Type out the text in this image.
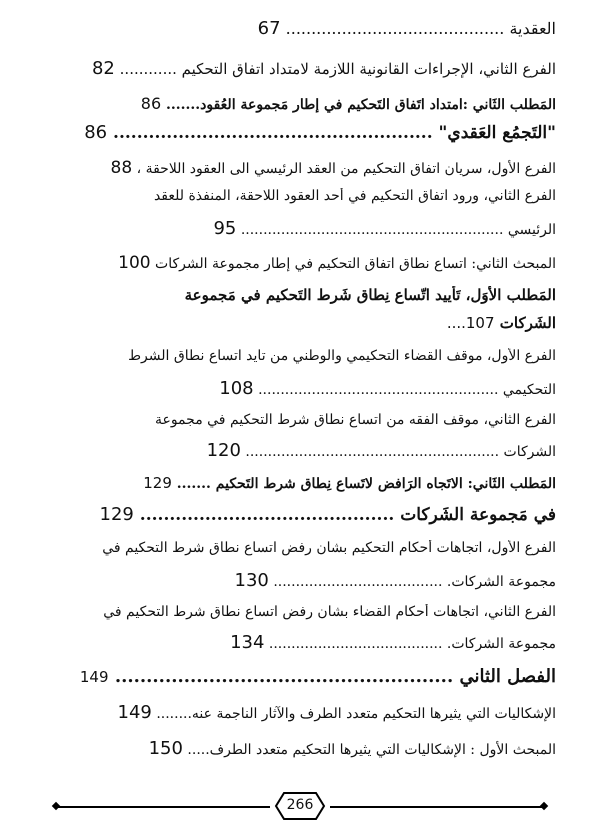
العقدية ........................................... 67
الفرع الثاني، الإجراءات القانونية اللازمة لامتداد اتفاق التحكيم ............ 82
المَطلب الثَاني :امتداد اتَفاق التَحكيم في إطار مَجموعة العُقود....... 86
"التَجمُع العَقدي" ...................................................... 86
الفرع الأول، سريان اتفاق التحكيم من العقد الرئيسي الى العقود اللاحقة ، 88
الفرع الثاني، ورود اتفاق التحكيم في أحد العقود اللاحقة، المنفذة للعقد
الرئيسي ........................................................... 95
المبحث الثاني: اتساع نطاق اتفاق التحكيم في إطار مجموعة الشركات 100
المَطلب الأوَل، تَأييد اتّساع نِطاق شَرط التَحكيم في مَجموعة
الشَركات 107....
الفرع الأول، موقف القضاء التحكيمي والوطني من تايد اتساع نطاق الشرط
التحكيمي ...................................................... 108
الفرع الثاني، موقف الفقه من اتساع نطاق شرط التحكيم في مجموعة
الشركات ......................................................... 120
المَطلب الثَاني: الاتَجاه الرَافض لاتَساع نِطاق شرط التَحكيم ....... 129
في مَجموعة الشَركات ........................................... 129
الفرع الأول، اتجاهات أحكام التحكيم بشان رفض اتساع نطاق شرط التحكيم في
مجموعة الشركات. ...................................... 130
الفرع الثاني، اتجاهات أحكام القضاء بشان رفض اتساع نطاق شرط التحكيم في
مجموعة الشركات. ....................................... 134
الفصل الثاني ...................................................... 149
الإشكاليات التي يثيرها التحكيم متعدد الطرف والآثار الناجمة عنه........ 149
المبحث الأول : الإشكاليات التي يثيرها التحكيم متعدد الطرف..... 150
266
